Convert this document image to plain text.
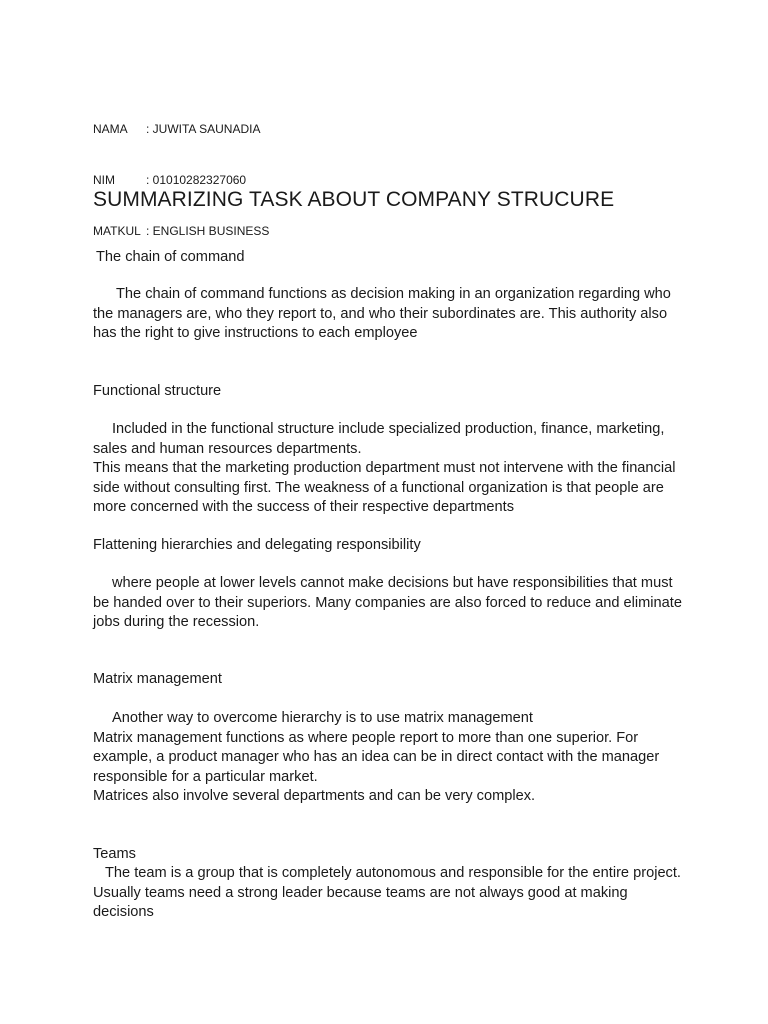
NAMA	: JUWITA SAUNADIA

NIM	: 01010282327060

MATKUL : ENGLISH BUSINESS

SUMMARIZING TASK ABOUT COMPANY STRUCURE
The chain of command

The chain of command functions as decision making in an organization regarding who the managers are, who they report to, and who their subordinates are. This authority also has the right to give instructions to each employee

Functional structure

Included in the functional structure include specialized production, finance, marketing, sales and human resources departments.

This means that the marketing production department must not intervene with the financial side without consulting first. The weakness of a functional organization is that people are more concerned with the success of their respective departments

Flattening hierarchies and delegating responsibility

where people at lower levels cannot make decisions but have responsibilities that must be handed over to their superiors. Many companies are also forced to reduce and eliminate jobs during the recession.

Matrix management

Another way to overcome hierarchy is to use matrix management

Matrix management functions as where people report to more than one superior. For example, a product manager who has an idea can be in direct contact with the manager responsible for a particular market.

Matrices also involve several departments and can be very complex.

Teams

The team is a group that is completely autonomous and responsible for the entire project. Usually teams need a strong leader because teams are not always good at making decisions
